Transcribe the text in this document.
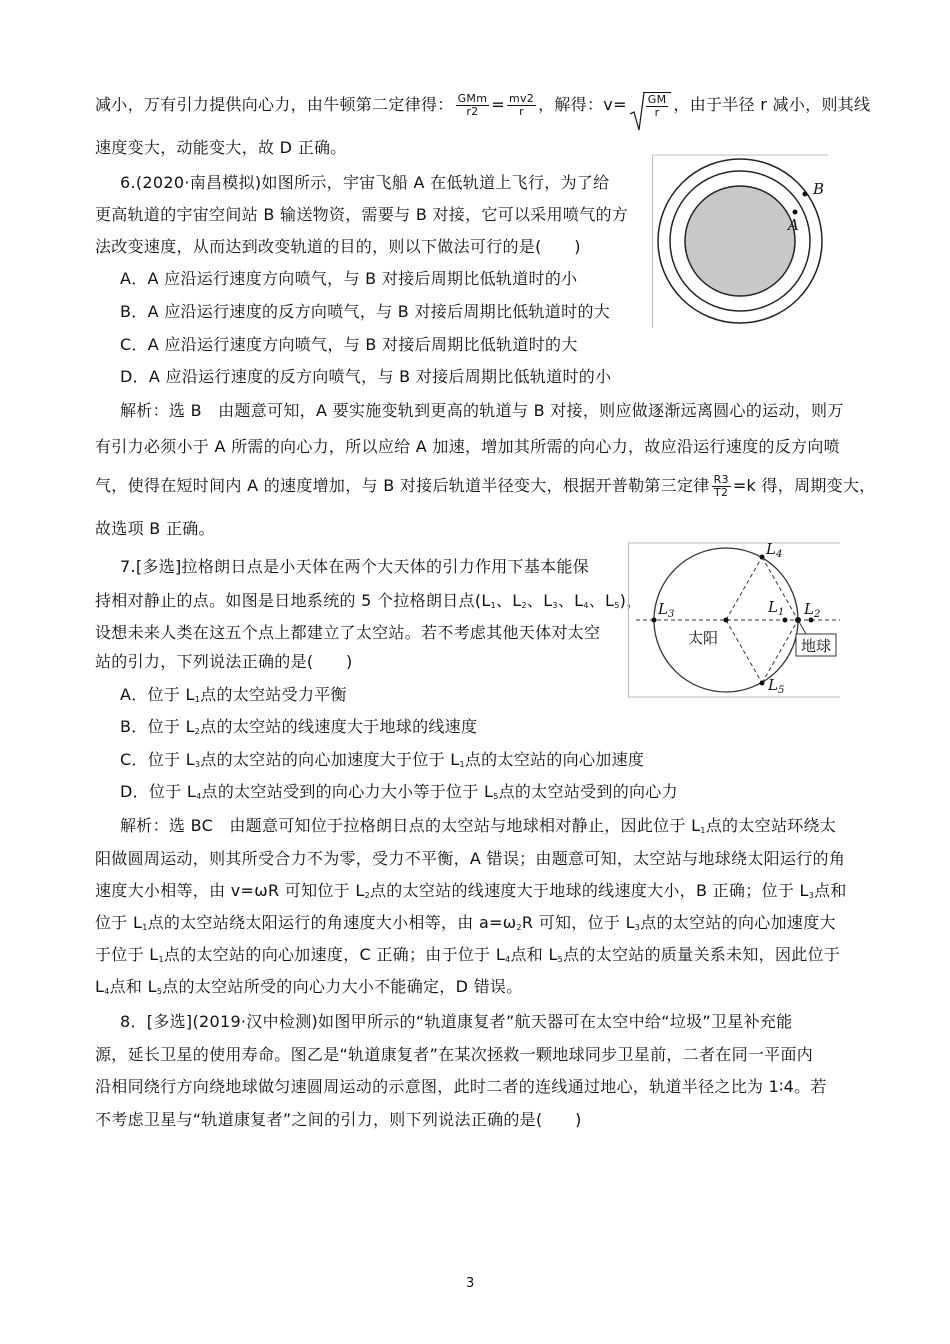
减小，万有引力提供向心力，由牛顿第二定律得： $\frac{\text{GMm}}{r2} = \frac{mv2}{r}$ ，解得：$v= \frac{GM}{r}$ ，由于半径 r 减小，则其线
速度变大，动能变大，故 D 正确。
6.(2020·南昌模拟)如图所示，宇宙飞船 A 在低轨道上飞行，为了给
更高轨道的宇宙空间站 B 输送物资，需要与 B 对接，它可以采用喷气的方
法改变速度，从而达到改变轨道的目的，则以下做法可行的是(　　)
A．A 应沿运行速度方向喷气，与 B 对接后周期比低轨道时的小
B．A 应沿运行速度的反方向喷气，与 B 对接后周期比低轨道时的大
C．A 应沿运行速度方向喷气，与 B 对接后周期比低轨道时的大
D．A 应沿运行速度的反方向喷气，与 B 对接后周期比低轨道时的小
解析：选 B　由题意可知，A 要实施变轨到更高的轨道与 B 对接，则应做逐渐远离圆心的运动，则万
有引力必须小于 A 所需的向心力，所以应给 A 加速，增加其所需的向心力，故应沿运行速度的反方向喷
气，使得在短时间内 A 的速度增加，与 B 对接后轨道半径变大，根据开普勒第三定律 $\frac{R3}{T2} =k$ 得，周期变大，
故选项 B 正确。
B
A
7.[多选]拉格朗日点是小天体在两个大天体的引力作用下基本能保
持相对静止的点。如图是日地系统的 5 个拉格朗日点($L_1$、$L_2$、$L_3$、$L_4$、$L_5$)，
设想未来人类在这五个点上都建立了太空站。若不考虑其他天体对太空
站的引力，下列说法正确的是(　　)
A．位于 $L_1$点的太空站受力平衡
B．位于 $L_2$点的太空站的线速度大于地球的线速度
C．位于 $L_3$点的太空站的向心加速度大于位于 $L_1$点的太空站的向心加速度
D．位于 $L_4$点的太空站受到的向心力大小等于位于 $L_5$点的太空站受到的向心力
解析：选 BC　由题意可知位于拉格朗日点的太空站与地球相对静止，因此位于 $L_1$点的太空站环绕太
阳做圆周运动，则其所受合力不为零，受力不平衡，A 错误；由题意可知，太空站与地球绕太阳运行的角
速度大小相等，由 v=ωR 可知位于 $L_2$点的太空站的线速度大于地球的线速度大小，B 正确；位于 $L_3$点和
位于 $L_1$点的太空站绕太阳运行的角速度大小相等，由 $a=\omega_2R$ 可知，位于 $L_3$点的太空站的向心加速度大
于位于 $L_1$点的太空站的向心加速度，C 正确；由于位于 $L_4$点和 $L_5$点的太空站的质量关系未知，因此位于
$L_4$点和 $L_5$点的太空站所受的向心力大小不能确定，D 错误。
地球
太阳
$L_3$	$L_1$ $L_2$
$L_4$
$L_5$
8．[多选](2019·汉中检测)如图甲所示的“轨道康复者”航天器可在太空中给“垃圾”卫星补充能
源，延长卫星的使用寿命。图乙是“轨道康复者”在某次拯救一颗地球同步卫星前，二者在同一平面内
沿相同绕行方向绕地球做匀速圆周运动的示意图，此时二者的连线通过地心，轨道半径之比为 1∶4。若
不考虑卫星与“轨道康复者”之间的引力，则下列说法正确的是(　　)
3
